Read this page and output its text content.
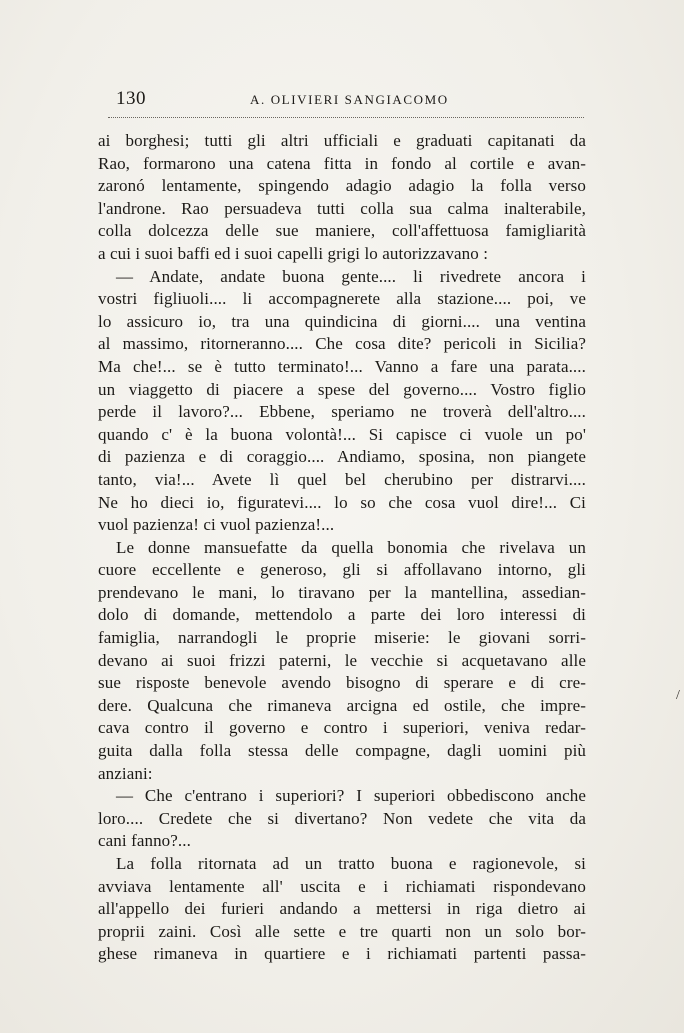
130	A. OLIVIERI SANGIACOMO
ai borghesi; tutti gli altri ufficiali e graduati capitanati da
Rao, formarono una catena fitta in fondo al cortile e avan-
zaronó lentamente, spingendo adagio adagio la folla verso
l'androne. Rao persuadeva tutti colla sua calma inalterabile,
colla dolcezza delle sue maniere, coll'affettuosa famigliarità
a cui i suoi baffi ed i suoi capelli grigi lo autorizzavano :
— Andate, andate buona gente.... li rivedrete ancora i
vostri figliuoli.... li accompagnerete alla stazione.... poi, ve
lo assicuro io, tra una quindicina di giorni.... una ventina
al massimo, ritorneranno.... Che cosa dite? pericoli in Sicilia?
Ma che!... se è tutto terminato!... Vanno a fare una parata....
un viaggetto di piacere a spese del governo.... Vostro figlio
perde il lavoro?... Ebbene, speriamo ne troverà dell'altro....
quando c' è la buona volontà!... Si capisce ci vuole un po'
di pazienza e di coraggio.... Andiamo, sposina, non piangete
tanto, via!... Avete lì quel bel cherubino per distrarvi....
Ne ho dieci io, figuratevi.... lo so che cosa vuol dire!... Ci
vuol pazienza! ci vuol pazienza!...
Le donne mansuefatte da quella bonomia che rivelava un
cuore eccellente e generoso, gli si affollavano intorno, gli
prendevano le mani, lo tiravano per la mantellina, assedian-
dolo di domande, mettendolo a parte dei loro interessi di
famiglia, narrandogli le proprie miserie: le giovani sorri-
devano ai suoi frizzi paterni, le vecchie si acquetavano alle
sue risposte benevole avendo bisogno di sperare e di cre-
dere. Qualcuna che rimaneva arcigna ed ostile, che impre-
cava contro il governo e contro i superiori, veniva redar-
guita dalla folla stessa delle compagne, dagli uomini più
anziani:
— Che c'entrano i superiori? I superiori obbediscono anche
loro.... Credete che si divertano? Non vedete che vita da
cani fanno?...
La folla ritornata ad un tratto buona e ragionevole, si
avviava lentamente all' uscita e i richiamati rispondevano
all'appello dei furieri andando a mettersi in riga dietro ai
proprii zaini. Così alle sette e tre quarti non un solo bor-
ghese rimaneva in quartiere e i richiamati partenti passa-
/
